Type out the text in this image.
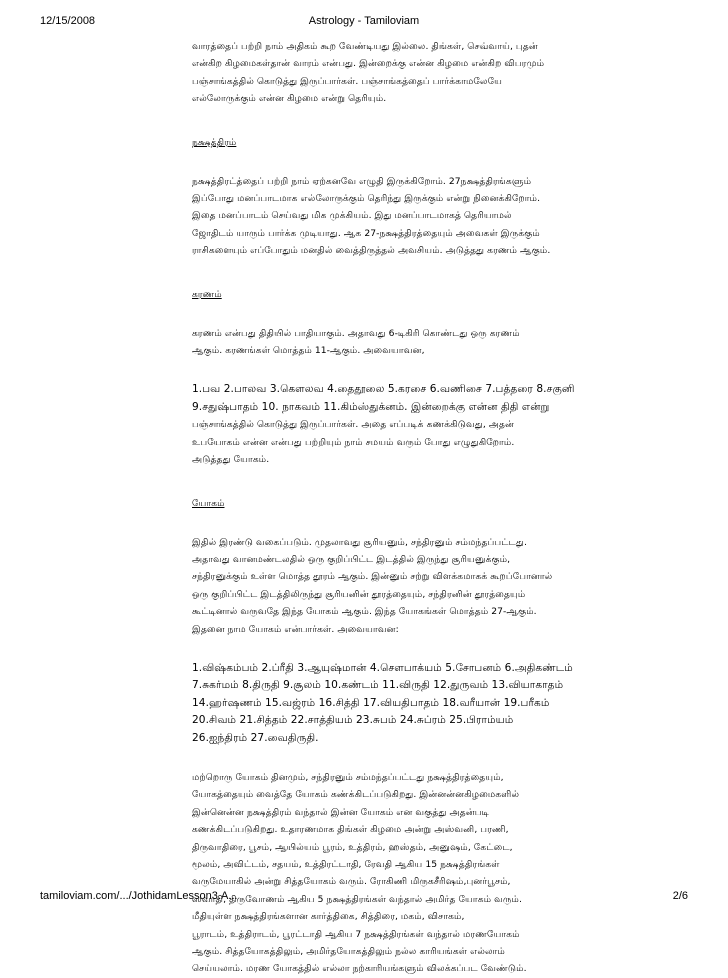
12/15/2008	Astrology - Tamiloviam
வாரத்தைப் பற்றி நாம் அதிகம் கூற வேண்டியது இல்லை. திங்கள், செவ்வாய், புதன்
என்கிற கிழமைகள்தான் வாரம் என்பது. இன்றைக்கு என்ன கிழமை என்கிற விபரமும்
பஞ்சாங்கத்தில் கொடுத்து இருப்பார்கள். பஞ்சாங்கத்தைப் பார்க்காமலேயே
எல்லோருக்கும் என்ன கிழமை என்று தெரியும்.
நக்ஷத்திரம்
நக்ஷத்திரட்த்தைப் பற்றி நாம் ஏற்கனவே எழுதி இருக்கிறோம். 27நக்ஷத்திரங்களும்
இப்போது மனப்பாடமாக எல்லோருக்கும் தெரிந்து இருக்கும் என்று நினைக்கிறோம்.
இதை மனப்பாடம் செய்வது மிக முக்கியம். இது மனப்பாடமாகத் தெரியாமல்
ஜோதிடம் யாரும் பார்க்க முடியாது. ஆக 27-நக்ஷத்திரத்தையும் அவைகள் இருக்கும்
ராசிகளையும் எப்போதும் மனதில் வைத்திருத்தல் அவசியம். அடுத்தது கரணம் ஆகும்.
கரணம்
கரணம் என்பது திதியில் பாதியாகும். அதாவது 6-டிகிரி கொண்டது ஒரு கரணம்
ஆகும். கரணங்கள் மொத்தம் 11-ஆகும். அவையாவன,
1.பவ 2.பாலவ 3.கௌலவ 4.தைதூலை 5.கரசை 6.வணிசை 7.பத்தரை 8.சகுனி
9.சதுஷ்பாதம் 10. நாகவம் 11.கிம்ஸ்துக்னம். இன்றைக்கு என்ன திதி என்று
பஞ்சாங்கத்தில் கொடுத்து இருப்பார்கள். அதை எப்படிக் கணக்கிடுவது, அதன்
உபயோகம் என்ன என்பது பற்றியும் நாம் சமயம் வரும் போது எழுதுகிறோம்.
அடுத்தது யோகம்.
யோகம்
இதில் இரண்டு வகைப்படும். முதலாவது சூரியனும், சந்திரனும் சம்மந்தப்பட்டது.
அதாவது வானமண்டலதில் ஒரு குறிப்பிட்ட இடத்தில் இருந்து சூரியனுக்கும்,
சந்திரனுக்கும் உள்ள மொத்த தூரம் ஆகும். இன்னும் சற்று விளக்கமாகக் கூறப்போனால்
ஒரு குறிப்பிட்ட இடத்திலிருந்து சூரியனின் தூரத்தையும், சந்திரனின் தூரத்தையும்
கூட்டினால் வருவதே இந்த யோகம் ஆகும். இந்த யோகங்கள் மொத்தம் 27-ஆகும்.
இதனை நாம யோகம் என்பார்கள். அவையாவன:
1.விஷ்கம்பம் 2.ப்ரீதி 3.ஆயுஷ்மான் 4.சௌபாக்யம் 5.சோபனம் 6.அதிகண்டம்
7.சுகர்மம் 8.திருதி 9.சூலம் 10.கண்டம் 11.விருதி 12.துருவம் 13.வியாகாதம்
14.ஹர்ஷணம் 15.வஜ்ரம் 16.சித்தி 17.வியதிபாதம் 18.வரீயான் 19.பரீகம்
20.சிவம் 21.சித்தம் 22.சாத்தியம் 23.சுபம் 24.சுப்ரம் 25.பிராம்யம்
26.ஐந்திரம் 27.வைதிருதி.
மற்றொரு யோகம் தினமும், சந்திரனும் சம்மந்தப்பட்டது நக்ஷத்திரத்தையும்,
யோகத்தையும் வைத்தே யோகம் கண்க்கிடப்படுகிறது. இன்னன்னகிழமைகளில்
இன்னென்ன நக்ஷத்திரம் வந்தால் இன்ன யோகம் என வகுத்து அதன்படி
கணக்கிடப்படுகிறது. உதாரணமாக திங்கள் கிழமை அன்று அஸ்வனி, பரணி,
திருவாதிரை, பூசம், ஆயில்யம் பூரம், உத்திரம், ஹஸ்தம், அனுஷம், கேட்டை,
மூலம், அவிட்டம், சதயம், உத்திரட்டாதி, ரேவதி ஆகிய 15 நக்ஷத்திரங்கள்
வருமேயாகில் அன்று சித்தயோகம் வரும். ரோகிணி மிருகசீரிஷம்,புனர்பூசம்,
ஸ்வாதி, திருவோணம் ஆகிய 5 நக்ஷத்திரங்கள் வந்தால் அமிர்த யோகம் வரும்.
மீதியுள்ள நக்ஷத்திரங்களான கார்த்திகை, சித்திரை, மகம், விசாகம்,
பூராடம், உத்திராடம், பூரட்டாதி ஆகிய 7 நக்ஷத்திரங்கள் வந்தால் மரணயோகம்
ஆகும். சித்தயோகத்திலும், அமிர்தயோகத்திலும் நல்ல காரியங்கள் எல்லாம்
செய்யலாம். மரண யோகத்தில் எல்லா நற்காரியங்களும் விலக்கப்பட வேண்டும்.
tamiloviam.com/.../JothidamLesson3.A...	2/6
